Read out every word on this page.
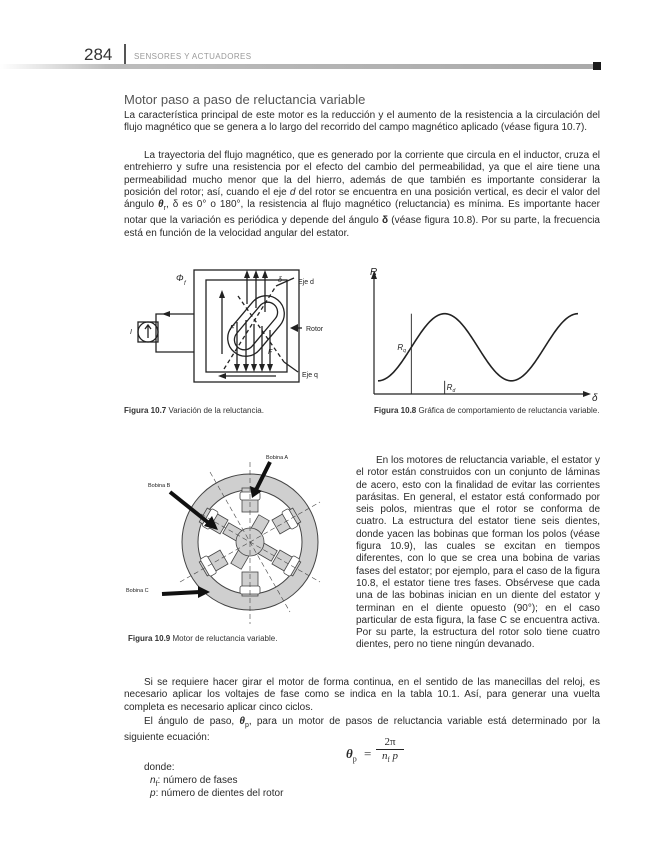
284	SENSORES Y ACTUADORES
Motor paso a paso de reluctancia variable

La característica principal de este motor es la reducción y el aumento de la resistencia a la circulación del flujo magnético que se genera a lo largo del recorrido del campo magnético aplicado (véase figura 10.7).

La trayectoria del flujo magnético, que es generado por la corriente que circula en el inductor, cruza el entrehierro y sufre una resistencia por el efecto del cambio del permeabilidad, ya que el aire tiene una permeabilidad mucho menor que la del hierro, además de que también es importante considerar la posición del rotor; así, cuando el eje d del rotor se encuentra en una posición vertical, es decir el valor del ángulo $\theta_r$, δ es 0° o 180°, la resistencia al flujo magnético (reluctancia) es mínima. Es importante hacer notar que la variación es periódica y depende del ángulo δ (véase figura 10.8). Por su parte, la frecuencia está en función de la velocidad angular del estator.

Φ
f
I
δ Eje d
Rotor
Eje q
F
F
Figura 10.7 Variación de la reluctancia.
R
δ
$R_q$
$R_d$
Figura 10.8 Gráfica de comportamiento de reluctancia variable.
Bobina A
Bobina B
Bobina C
Figura 10.9 Motor de reluctancia variable.
En los motores de reluctancia variable, el estator y el rotor están construidos con un conjunto de láminas de acero, esto con la finalidad de evitar las corrientes parásitas. En general, el estator está conformado por seis polos, mientras que el rotor se conforma de cuatro. La estructura del estator tiene seis dientes, donde yacen las bobinas que forman los polos (véase figura 10.9), las cuales se excitan en tiempos diferentes, con lo que se crea una bobina de varias fases del estator; por ejemplo, para el caso de la figura 10.8, el estator tiene tres fases. Obsérvese que cada una de las bobinas inician en un diente del estator y terminan en el diente opuesto (90°); en el caso particular de esta figura, la fase C se encuentra activa. Por su parte, la estructura del rotor solo tiene cuatro dientes, pero no tiene ningún devanado.

Si se requiere hacer girar el motor de forma continua, en el sentido de las manecillas del reloj, es necesario aplicar los voltajes de fase como se indica en la tabla 10.1. Así, para generar una vuelta completa es necesario aplicar cinco ciclos.

El ángulo de paso, $\theta_p$, para un motor de pasos de reluctancia variable está determinado por la siguiente ecuación:

$\theta_p$ =
2π
$n_f$ p
donde:
$n_f$: número de fases
p: número de dientes del rotor
